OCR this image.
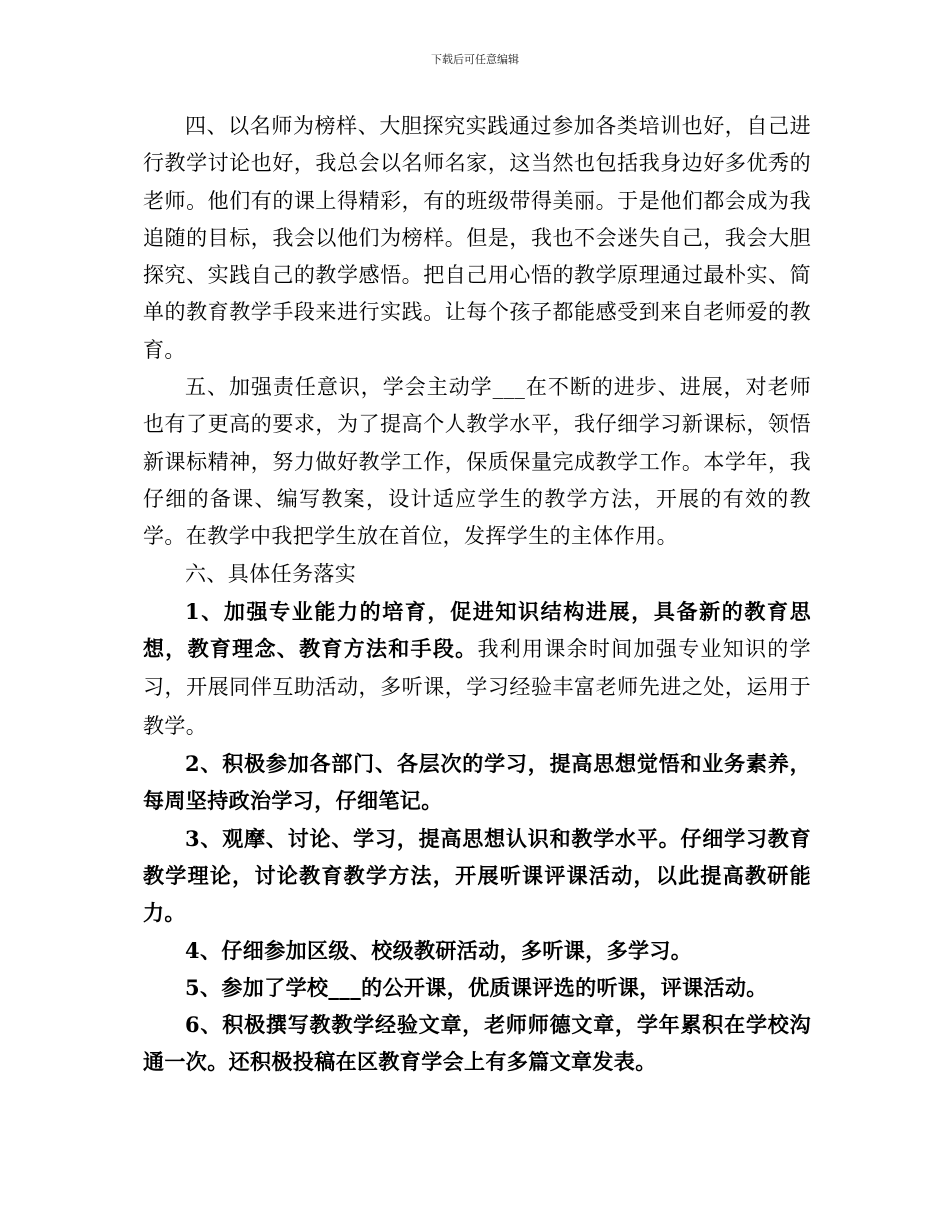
下载后可任意编辑

四、以名师为榜样、大胆探究实践通过参加各类培训也好，自己进行教学讨论也好，我总会以名师名家，这当然也包括我身边好多优秀的老师。他们有的课上得精彩，有的班级带得美丽。于是他们都会成为我追随的目标，我会以他们为榜样。但是，我也不会迷失自己，我会大胆探究、实践自己的教学感悟。把自己用心悟的教学原理通过最朴实、简单的教育教学手段来进行实践。让每个孩子都能感受到来自老师爱的教育。

五、加强责任意识，学会主动学___在不断的进步、进展，对老师也有了更高的要求，为了提高个人教学水平，我仔细学习新课标，领悟新课标精神，努力做好教学工作，保质保量完成教学工作。本学年，我仔细的备课、编写教案，设计适应学生的教学方法，开展的有效的教学。在教学中我把学生放在首位，发挥学生的主体作用。

六、具体任务落实

1、加强专业能力的培育，促进知识结构进展，具备新的教育思想，教育理念、教育方法和手段。我利用课余时间加强专业知识的学习，开展同伴互助活动，多听课，学习经验丰富老师先进之处，运用于教学。

2、积极参加各部门、各层次的学习，提高思想觉悟和业务素养，每周坚持政治学习，仔细笔记。

3、观摩、讨论、学习，提高思想认识和教学水平。仔细学习教育教学理论，讨论教育教学方法，开展听课评课活动，以此提高教研能力。

4、仔细参加区级、校级教研活动，多听课，多学习。

5、参加了学校___的公开课，优质课评选的听课，评课活动。

6、积极撰写教教学经验文章，老师师德文章，学年累积在学校沟通一次。还积极投稿在区教育学会上有多篇文章发表。
